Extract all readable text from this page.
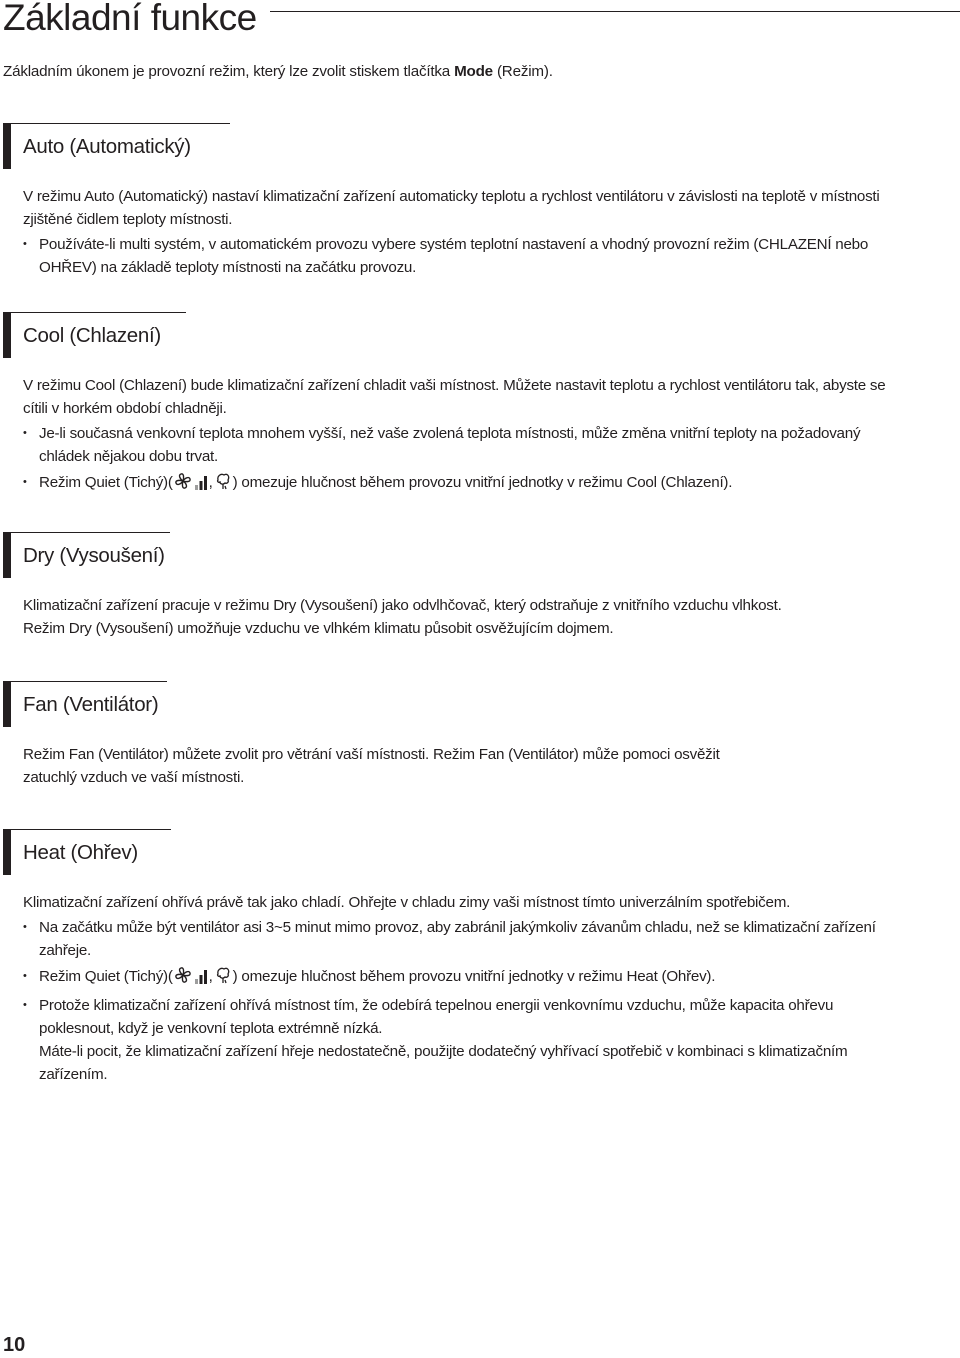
Základní funkce

Základním úkonem je provozní režim, který lze zvolit stiskem tlačítka Mode (Režim).

Auto (Automatický)

V režimu Auto (Automatický) nastaví klimatizační zařízení automaticky teplotu a rychlost ventilátoru v závislosti na teplotě v místnosti zjištěné čidlem teploty místnosti.

• Používáte-li multi systém, v automatickém provozu vybere systém teplotní nastavení a vhodný provozní režim (CHLAZENÍ nebo OHŘEV) na základě teploty místnosti na začátku provozu.
Cool (Chlazení)

V režimu Cool (Chlazení) bude klimatizační zařízení chladit vaši místnost. Můžete nastavit teplotu a rychlost ventilátoru tak, abyste se cítili v horkém období chladněji.

• Je-li současná venkovní teplota mnohem vyšší, než vaše zvolená teplota místnosti, může změna vnitřní teploty na požadovaný chládek nějakou dobu trvat.
• Režim Quiet (Tichý)( , ) omezuje hlučnost během provozu vnitřní jednotky v režimu Cool (Chlazení).
Dry (Vysoušení)

Klimatizační zařízení pracuje v režimu Dry (Vysoušení) jako odvlhčovač, který odstraňuje z vnitřního vzduchu vlhkost.

Režim Dry (Vysoušení) umožňuje vzduchu ve vlhkém klimatu působit osvěžujícím dojmem.

Fan (Ventilátor)

Režim Fan (Ventilátor) můžete zvolit pro větrání vaší místnosti. Režim Fan (Ventilátor) může pomoci osvěžit zatuchlý vzduch ve vaší místnosti.

Heat (Ohřev)

Klimatizační zařízení ohřívá právě tak jako chladí. Ohřejte v chladu zimy vaši místnost tímto univerzálním spotřebičem.

• Na začátku může být ventilátor asi 3~5 minut mimo provoz, aby zabránil jakýmkoliv závanům chladu, než se klimatizační zařízení zahřeje.
• Režim Quiet (Tichý)( , ) omezuje hlučnost během provozu vnitřní jednotky v režimu Heat (Ohřev).
• Protože klimatizační zařízení ohřívá místnost tím, že odebírá tepelnou energii venkovnímu vzduchu, může kapacita ohřevu poklesnout, když je venkovní teplota extrémně nízká.
Máte-li pocit, že klimatizační zařízení hřeje nedostatečně, použijte dodatečný vyhřívací spotřebič v kombinaci s klimatizačním zařízením.

10
